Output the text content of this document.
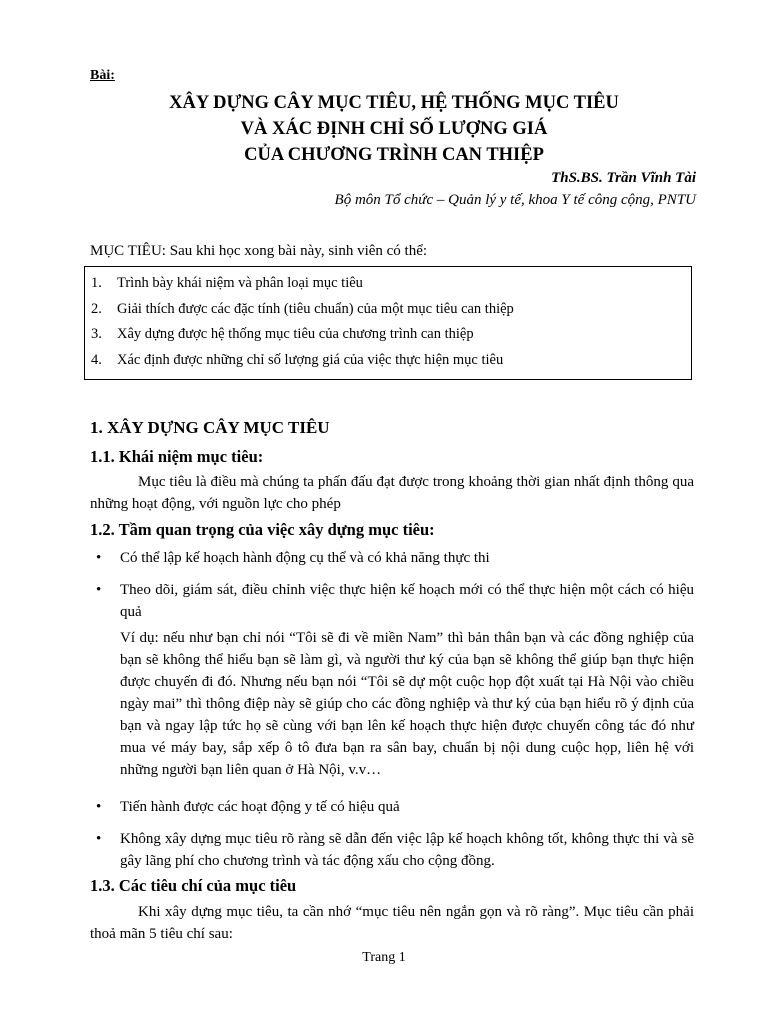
Bài:
XÂY DỰNG CÂY MỤC TIÊU, HỆ THỐNG MỤC TIÊU
VÀ XÁC ĐỊNH CHỈ SỐ LƯỢNG GIÁ
CỦA CHƯƠNG TRÌNH CAN THIỆP
ThS.BS. Trần Vĩnh Tài
Bộ môn Tổ chức – Quản lý y tế, khoa Y tế công cộng, PNTU
MỤC TIÊU: Sau khi học xong bài này, sinh viên có thể:
1.	Trình bày khái niệm và phân loại mục tiêu
2.	Giải thích được các đặc tính (tiêu chuẩn) của một mục tiêu can thiệp
3.	Xây dựng được hệ thống mục tiêu của chương trình can thiệp
4.	Xác định được những chỉ số lượng giá của việc thực hiện mục tiêu
1. XÂY DỰNG CÂY MỤC TIÊU
1.1. Khái niệm mục tiêu:
Mục tiêu là điều mà chúng ta phấn đấu đạt được trong khoảng thời gian nhất định thông qua những hoạt động, với nguồn lực cho phép
1.2. Tầm quan trọng của việc xây dựng mục tiêu:
• Có thể lập kế hoạch hành động cụ thể và có khả năng thực thi
• Theo dõi, giám sát, điều chỉnh việc thực hiện kế hoạch mới có thể thực hiện một cách có hiệu quả
Ví dụ: nếu như bạn chỉ nói “Tôi sẽ đi về miền Nam” thì bản thân bạn và các đồng nghiệp của bạn sẽ không thể hiểu bạn sẽ làm gì, và người thư ký của bạn sẽ không thể giúp bạn thực hiện được chuyến đi đó. Nhưng nếu bạn nói “Tôi sẽ dự một cuộc họp đột xuất tại Hà Nội vào chiều ngày mai” thì thông điệp này sẽ giúp cho các đồng nghiệp và thư ký của bạn hiểu rõ ý định của bạn và ngay lập tức họ sẽ cùng với bạn lên kế hoạch thực hiện được chuyến công tác đó như mua vé máy bay, sắp xếp ô tô đưa bạn ra sân bay, chuẩn bị nội dung cuộc họp, liên hệ với những người bạn liên quan ở Hà Nội, v.v…
• Tiến hành được các hoạt động y tế có hiệu quả
• Không xây dựng mục tiêu rõ ràng sẽ dẫn đến việc lập kế hoạch không tốt, không thực thi và sẽ gây lãng phí cho chương trình và tác động xấu cho cộng đồng.
1.3. Các tiêu chí của mục tiêu
Khi xây dựng mục tiêu, ta cần nhớ “mục tiêu nên ngắn gọn và rõ ràng”. Mục tiêu cần phải thoả mãn 5 tiêu chí sau:
Trang 1
